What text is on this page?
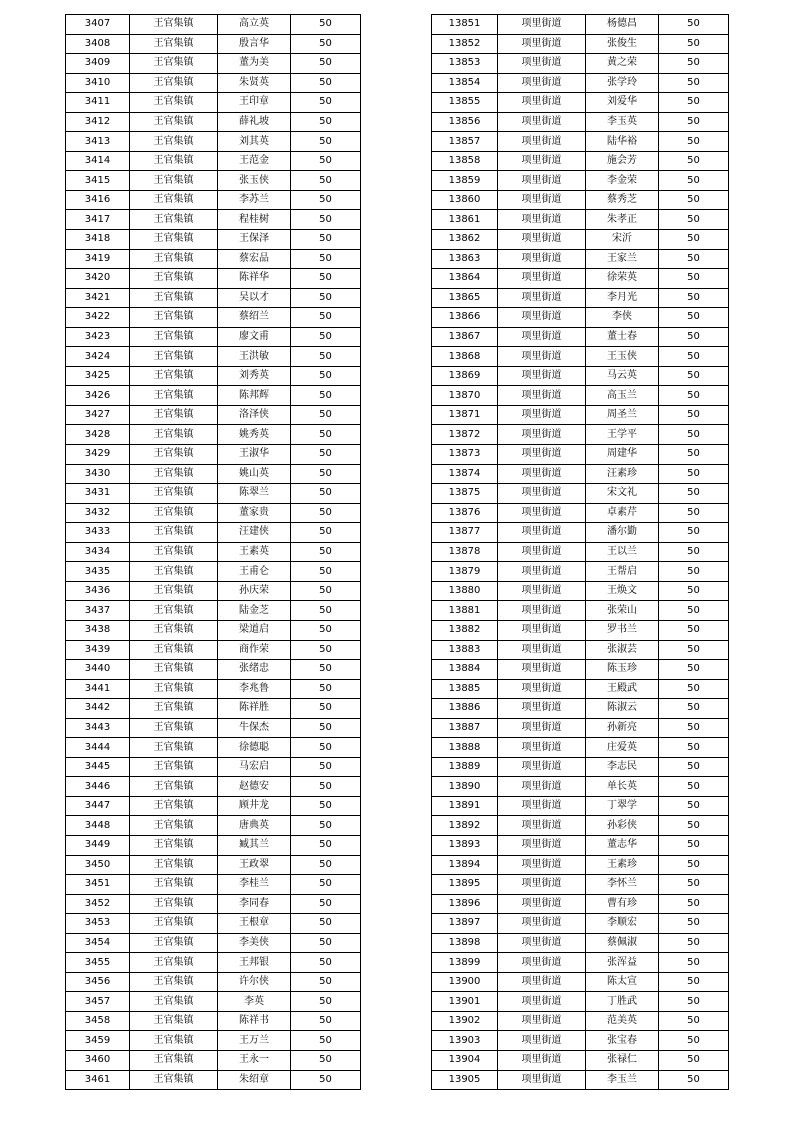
3407	王官集镇	高立英	50
3408	王官集镇	殷言华	50
3409	王官集镇	董为美	50
3410	王官集镇	朱贤英	50
3411	王官集镇	王印章	50
3412	王官集镇	薛礼坡	50
3413	王官集镇	刘其英	50
3414	王官集镇	王范金	50
3415	王官集镇	张玉侠	50
3416	王官集镇	李苏兰	50
3417	王官集镇	程桂树	50
3418	王官集镇	王保泽	50
3419	王官集镇	蔡宏品	50
3420	王官集镇	陈祥华	50
3421	王官集镇	吴以才	50
3422	王官集镇	蔡绍兰	50
3423	王官集镇	廖文甫	50
3424	王官集镇	王洪敏	50
3425	王官集镇	刘秀英	50
3426	王官集镇	陈邦辉	50
3427	王官集镇	洛泽侠	50
3428	王官集镇	姚秀英	50
3429	王官集镇	王淑华	50
3430	王官集镇	姚山英	50
3431	王官集镇	陈翠兰	50
3432	王官集镇	董家贵	50
3433	王官集镇	汪建侠	50
3434	王官集镇	王素英	50
3435	王官集镇	王甫仑	50
3436	王官集镇	孙庆荣	50
3437	王官集镇	陆金芝	50
3438	王官集镇	梁道启	50
3439	王官集镇	商作荣	50
3440	王官集镇	张绪忠	50
3441	王官集镇	李兆鲁	50
3442	王官集镇	陈祥胜	50
3443	王官集镇	牛保杰	50
3444	王官集镇	徐德聪	50
3445	王官集镇	马宏启	50
3446	王官集镇	赵德安	50
3447	王官集镇	顾井龙	50
3448	王官集镇	唐典英	50
3449	王官集镇	臧其兰	50
3450	王官集镇	王政翠	50
3451	王官集镇	李桂兰	50
3452	王官集镇	李同春	50
3453	王官集镇	王根章	50
3454	王官集镇	李美侠	50
3455	王官集镇	王邦银	50
3456	王官集镇	许尔侠	50
3457	王官集镇	李英	50
3458	王官集镇	陈祥书	50
3459	王官集镇	王万兰	50
3460	王官集镇	王永一	50
3461	王官集镇	朱绍章	50
13851	项里街道	杨德昌	50
13852	项里街道	张俊生	50
13853	项里街道	黄之荣	50
13854	项里街道	张学玲	50
13855	项里街道	刘爱华	50
13856	项里街道	李玉英	50
13857	项里街道	陆华裕	50
13858	项里街道	施会芳	50
13859	项里街道	李金荣	50
13860	项里街道	蔡秀芝	50
13861	项里街道	朱孝正	50
13862	项里街道	宋沂	50
13863	项里街道	王家兰	50
13864	项里街道	徐荣英	50
13865	项里街道	李月光	50
13866	项里街道	李侠	50
13867	项里街道	董士春	50
13868	项里街道	王玉侠	50
13869	项里街道	马云英	50
13870	项里街道	高玉兰	50
13871	项里街道	周圣兰	50
13872	项里街道	王学平	50
13873	项里街道	周建华	50
13874	项里街道	汪素珍	50
13875	项里街道	宋文礼	50
13876	项里街道	卓素芹	50
13877	项里街道	潘尔勤	50
13878	项里街道	王以兰	50
13879	项里街道	王帮启	50
13880	项里街道	王焕文	50
13881	项里街道	张荣山	50
13882	项里街道	罗书兰	50
13883	项里街道	张淑芸	50
13884	项里街道	陈玉珍	50
13885	项里街道	王殿武	50
13886	项里街道	陈淑云	50
13887	项里街道	孙新亮	50
13888	项里街道	庄爱英	50
13889	项里街道	李志民	50
13890	项里街道	单长英	50
13891	项里街道	丁翠学	50
13892	项里街道	孙彩侠	50
13893	项里街道	董志华	50
13894	项里街道	王素珍	50
13895	项里街道	李怀兰	50
13896	项里街道	曹有珍	50
13897	项里街道	李顺宏	50
13898	项里街道	蔡佩淑	50
13899	项里街道	张浑益	50
13900	项里街道	陈太宣	50
13901	项里街道	丁胜武	50
13902	项里街道	范美英	50
13903	项里街道	张宝春	50
13904	项里街道	张禄仁	50
13905	项里街道	李玉兰	50
